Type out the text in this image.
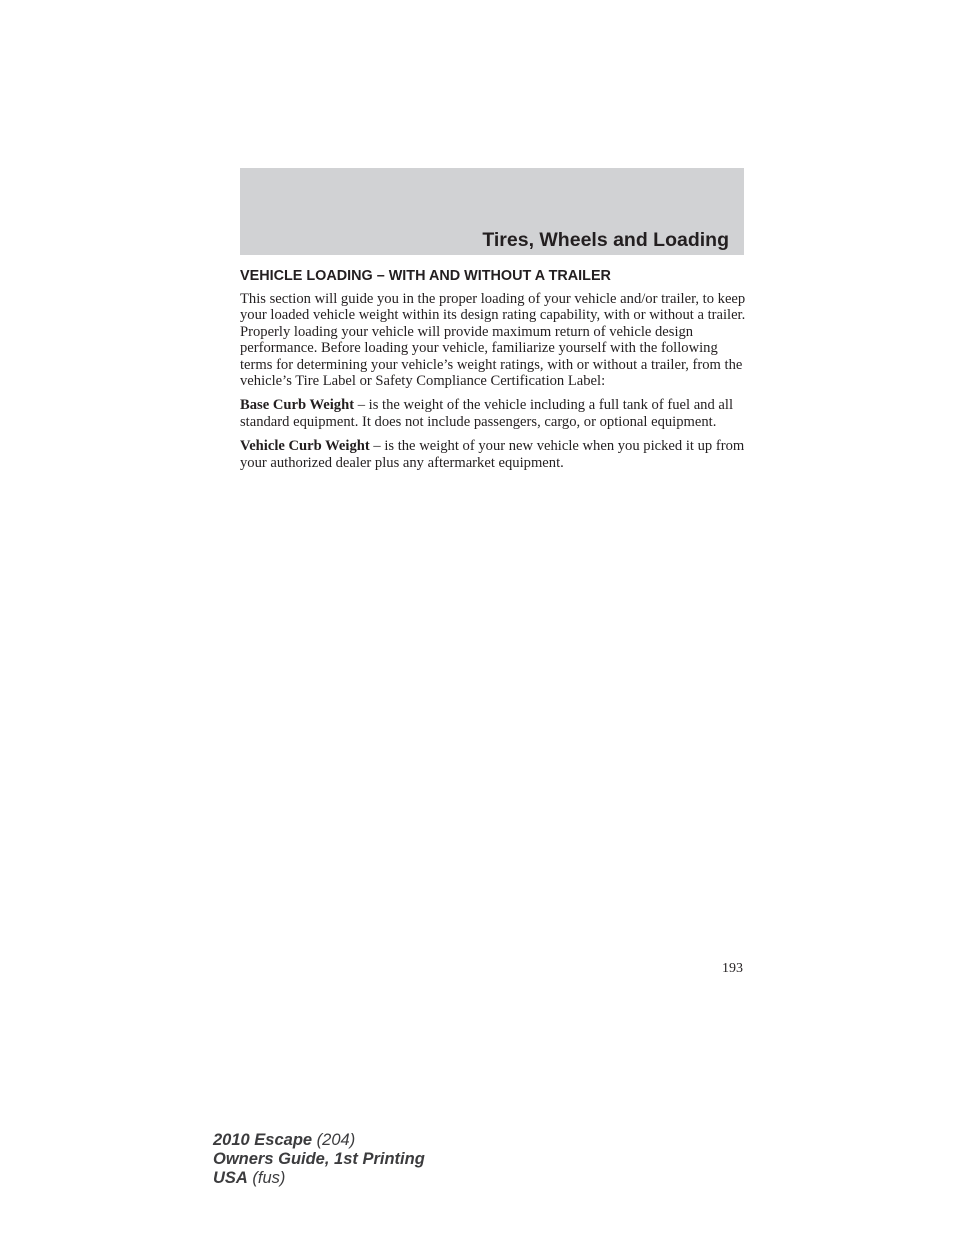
Tires, Wheels and Loading
VEHICLE LOADING – WITH AND WITHOUT A TRAILER

This section will guide you in the proper loading of your vehicle and/or trailer, to keep your loaded vehicle weight within its design rating capability, with or without a trailer. Properly loading your vehicle will provide maximum return of vehicle design performance. Before loading your vehicle, familiarize yourself with the following terms for determining your vehicle’s weight ratings, with or without a trailer, from the vehicle’s Tire Label or Safety Compliance Certification Label:

Base Curb Weight – is the weight of the vehicle including a full tank of fuel and all standard equipment. It does not include passengers, cargo, or optional equipment.

Vehicle Curb Weight – is the weight of your new vehicle when you picked it up from your authorized dealer plus any aftermarket equipment.

193
2010 Escape (204)
Owners Guide, 1st Printing
USA (fus)
